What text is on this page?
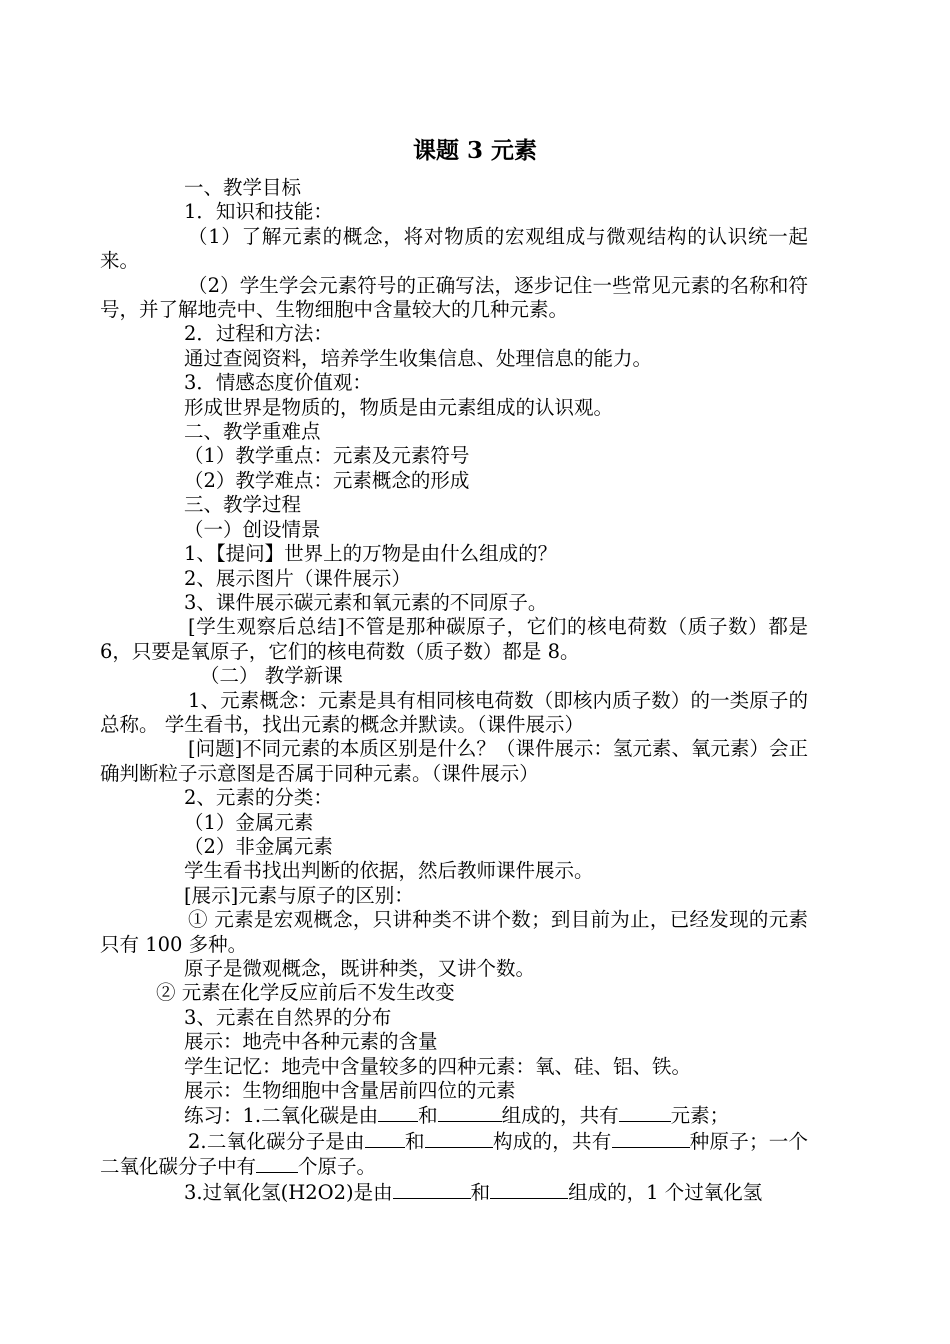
课题 3 元素

一、教学目标

1．知识和技能：

（1）了解元素的概念，将对物质的宏观组成与微观结构的认识统一起来。

（2）学生学会元素符号的正确写法，逐步记住一些常见元素的名称和符号，并了解地壳中、生物细胞中含量较大的几种元素。

2．过程和方法：

通过查阅资料，培养学生收集信息、处理信息的能力。

3．情感态度价值观：

形成世界是物质的，物质是由元素组成的认识观。

二、教学重难点

（1）教学重点：元素及元素符号

（2）教学难点：元素概念的形成

三、教学过程

（一）创设情景

1、【提问】世界上的万物是由什么组成的？

2、展示图片（课件展示）

3、课件展示碳元素和氧元素的不同原子。

[学生观察后总结]不管是那种碳原子，它们的核电荷数（质子数）都是 6，只要是氧原子，它们的核电荷数（质子数）都是 8。

（二） 教学新课

1、元素概念：元素是具有相同核电荷数（即核内质子数）的一类原子的总称。 学生看书，找出元素的概念并默读。（课件展示）

[问题]不同元素的本质区别是什么？（课件展示：氢元素、氧元素）会正确判断粒子示意图是否属于同种元素。（课件展示）

2、元素的分类：

（1）金属元素

（2）非金属元素

学生看书找出判断的依据，然后教师课件展示。

[展示]元素与原子的区别：

① 元素是宏观概念，只讲种类不讲个数；到目前为止，已经发现的元素只有 100 多种。

原子是微观概念，既讲种类，又讲个数。

② 元素在化学反应前后不发生改变

3、元素在自然界的分布

展示：地壳中各种元素的含量

学生记忆：地壳中含量较多的四种元素：氧、硅、铝、铁。

展示：生物细胞中含量居前四位的元素

练习：1.二氧化碳是由 和	组成的，共有	元素；

2.二氧化碳分子是由 和	构成的，共有	种原子；一个二氧化碳分子中有 个原子。

3.过氧化氢(H2O2)是由	和	组成的，1 个过氧化氢
